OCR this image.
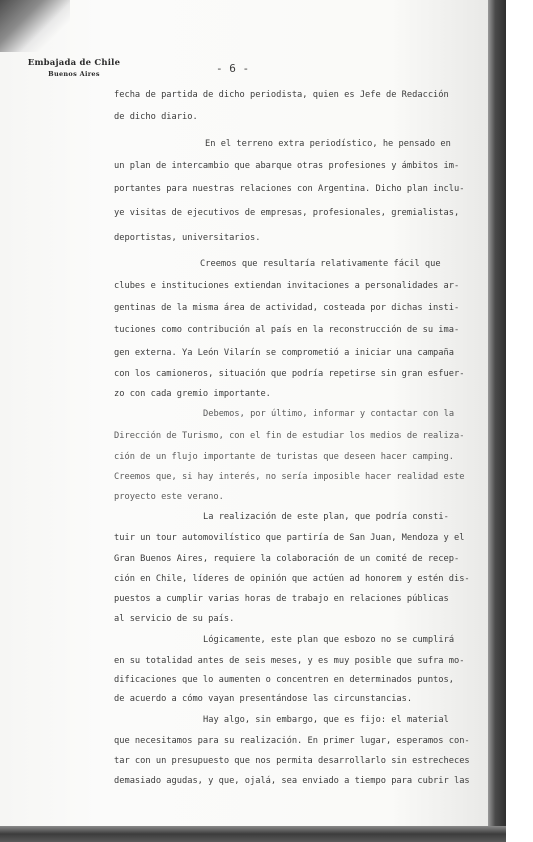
Embajada de Chile
Buenos Aires	- 6 -
fecha de partida de dicho periodista, quien es Jefe de Redacción
de dicho diario.
En el terreno extra periodístico, he pensado en
un plan de intercambio que abarque otras profesiones y ámbitos im-
portantes para nuestras relaciones con Argentina. Dicho plan inclu-
ye visitas de ejecutivos de empresas, profesionales, gremialistas,
deportistas, universitarios.
Creemos que resultaría relativamente fácil que
clubes e instituciones extiendan invitaciones a personalidades ar-
gentinas de la misma área de actividad, costeada por dichas insti-
tuciones como contribución al país en la reconstrucción de su ima-
gen externa. Ya León Vilarín se comprometió a iniciar una campaña
con los camioneros, situación que podría repetirse sin gran esfuer-
zo con cada gremio importante.
Debemos, por último, informar y contactar con la
Dirección de Turismo, con el fin de estudiar los medios de realiza-
ción de un flujo importante de turistas que deseen hacer camping.
Creemos que, si hay interés, no sería imposible hacer realidad este
proyecto este verano.
La realización de este plan, que podría consti-
tuir un tour automovilístico que partiría de San Juan, Mendoza y el
Gran Buenos Aires, requiere la colaboración de un comité de recep-
ción en Chile, líderes de opinión que actúen ad honorem y estén dis-
puestos a cumplir varias horas de trabajo en relaciones públicas
al servicio de su país.
Lógicamente, este plan que esbozo no se cumplirá
en su totalidad antes de seis meses, y es muy posible que sufra mo-
dificaciones que lo aumenten o concentren en determinados puntos,
de acuerdo a cómo vayan presentándose las circunstancias.
Hay algo, sin embargo, que es fijo: el material
que necesitamos para su realización. En primer lugar, esperamos con-
tar con un presupuesto que nos permita desarrollarlo sin estrecheces
demasiado agudas, y que, ojalá, sea enviado a tiempo para cubrir las
